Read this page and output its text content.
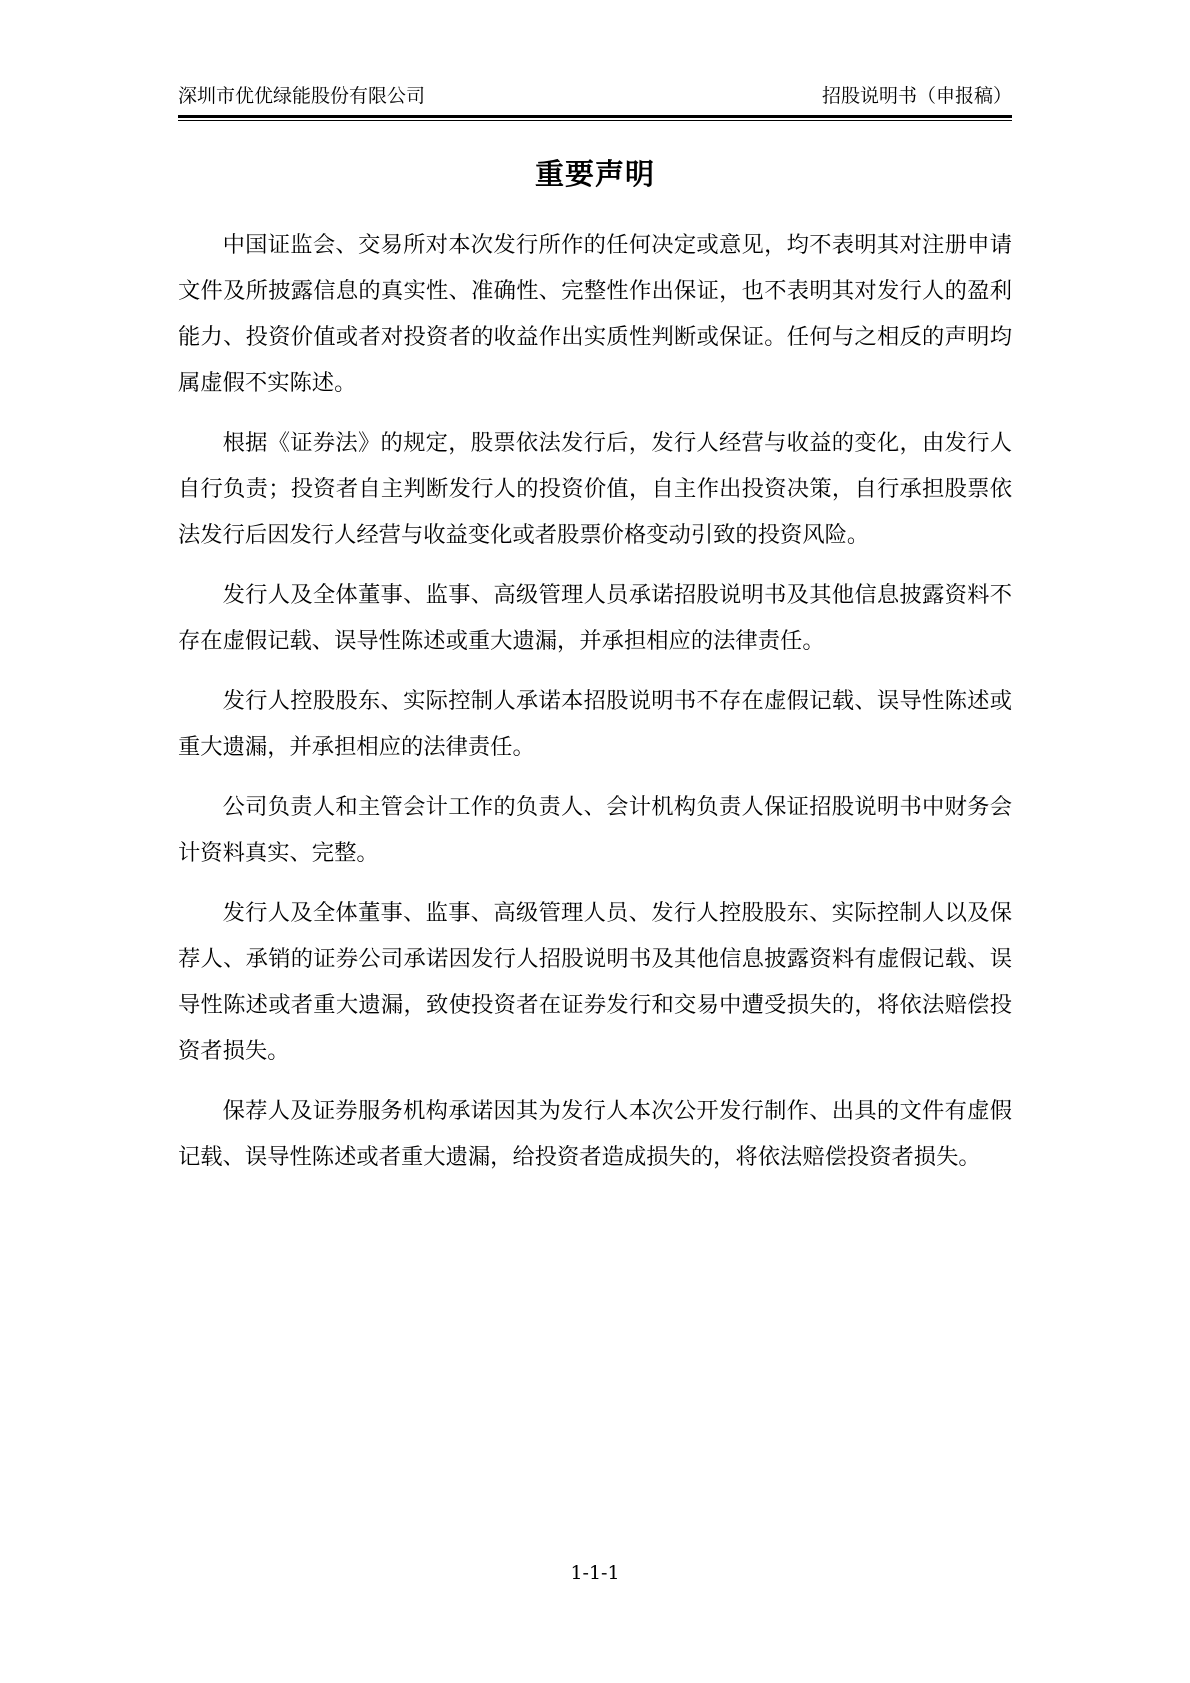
深圳市优优绿能股份有限公司	招股说明书（申报稿）
重要声明

中国证监会、交易所对本次发行所作的任何决定或意见，均不表明其对注册申请文件及所披露信息的真实性、准确性、完整性作出保证，也不表明其对发行人的盈利能力、投资价值或者对投资者的收益作出实质性判断或保证。任何与之相反的声明均属虚假不实陈述。

根据《证券法》的规定，股票依法发行后，发行人经营与收益的变化，由发行人自行负责；投资者自主判断发行人的投资价值，自主作出投资决策，自行承担股票依法发行后因发行人经营与收益变化或者股票价格变动引致的投资风险。

发行人及全体董事、监事、高级管理人员承诺招股说明书及其他信息披露资料不存在虚假记载、误导性陈述或重大遗漏，并承担相应的法律责任。

发行人控股股东、实际控制人承诺本招股说明书不存在虚假记载、误导性陈述或重大遗漏，并承担相应的法律责任。

公司负责人和主管会计工作的负责人、会计机构负责人保证招股说明书中财务会计资料真实、完整。

发行人及全体董事、监事、高级管理人员、发行人控股股东、实际控制人以及保荐人、承销的证券公司承诺因发行人招股说明书及其他信息披露资料有虚假记载、误导性陈述或者重大遗漏，致使投资者在证券发行和交易中遭受损失的，将依法赔偿投资者损失。

保荐人及证券服务机构承诺因其为发行人本次公开发行制作、出具的文件有虚假记载、误导性陈述或者重大遗漏，给投资者造成损失的，将依法赔偿投资者损失。

1-1-1
